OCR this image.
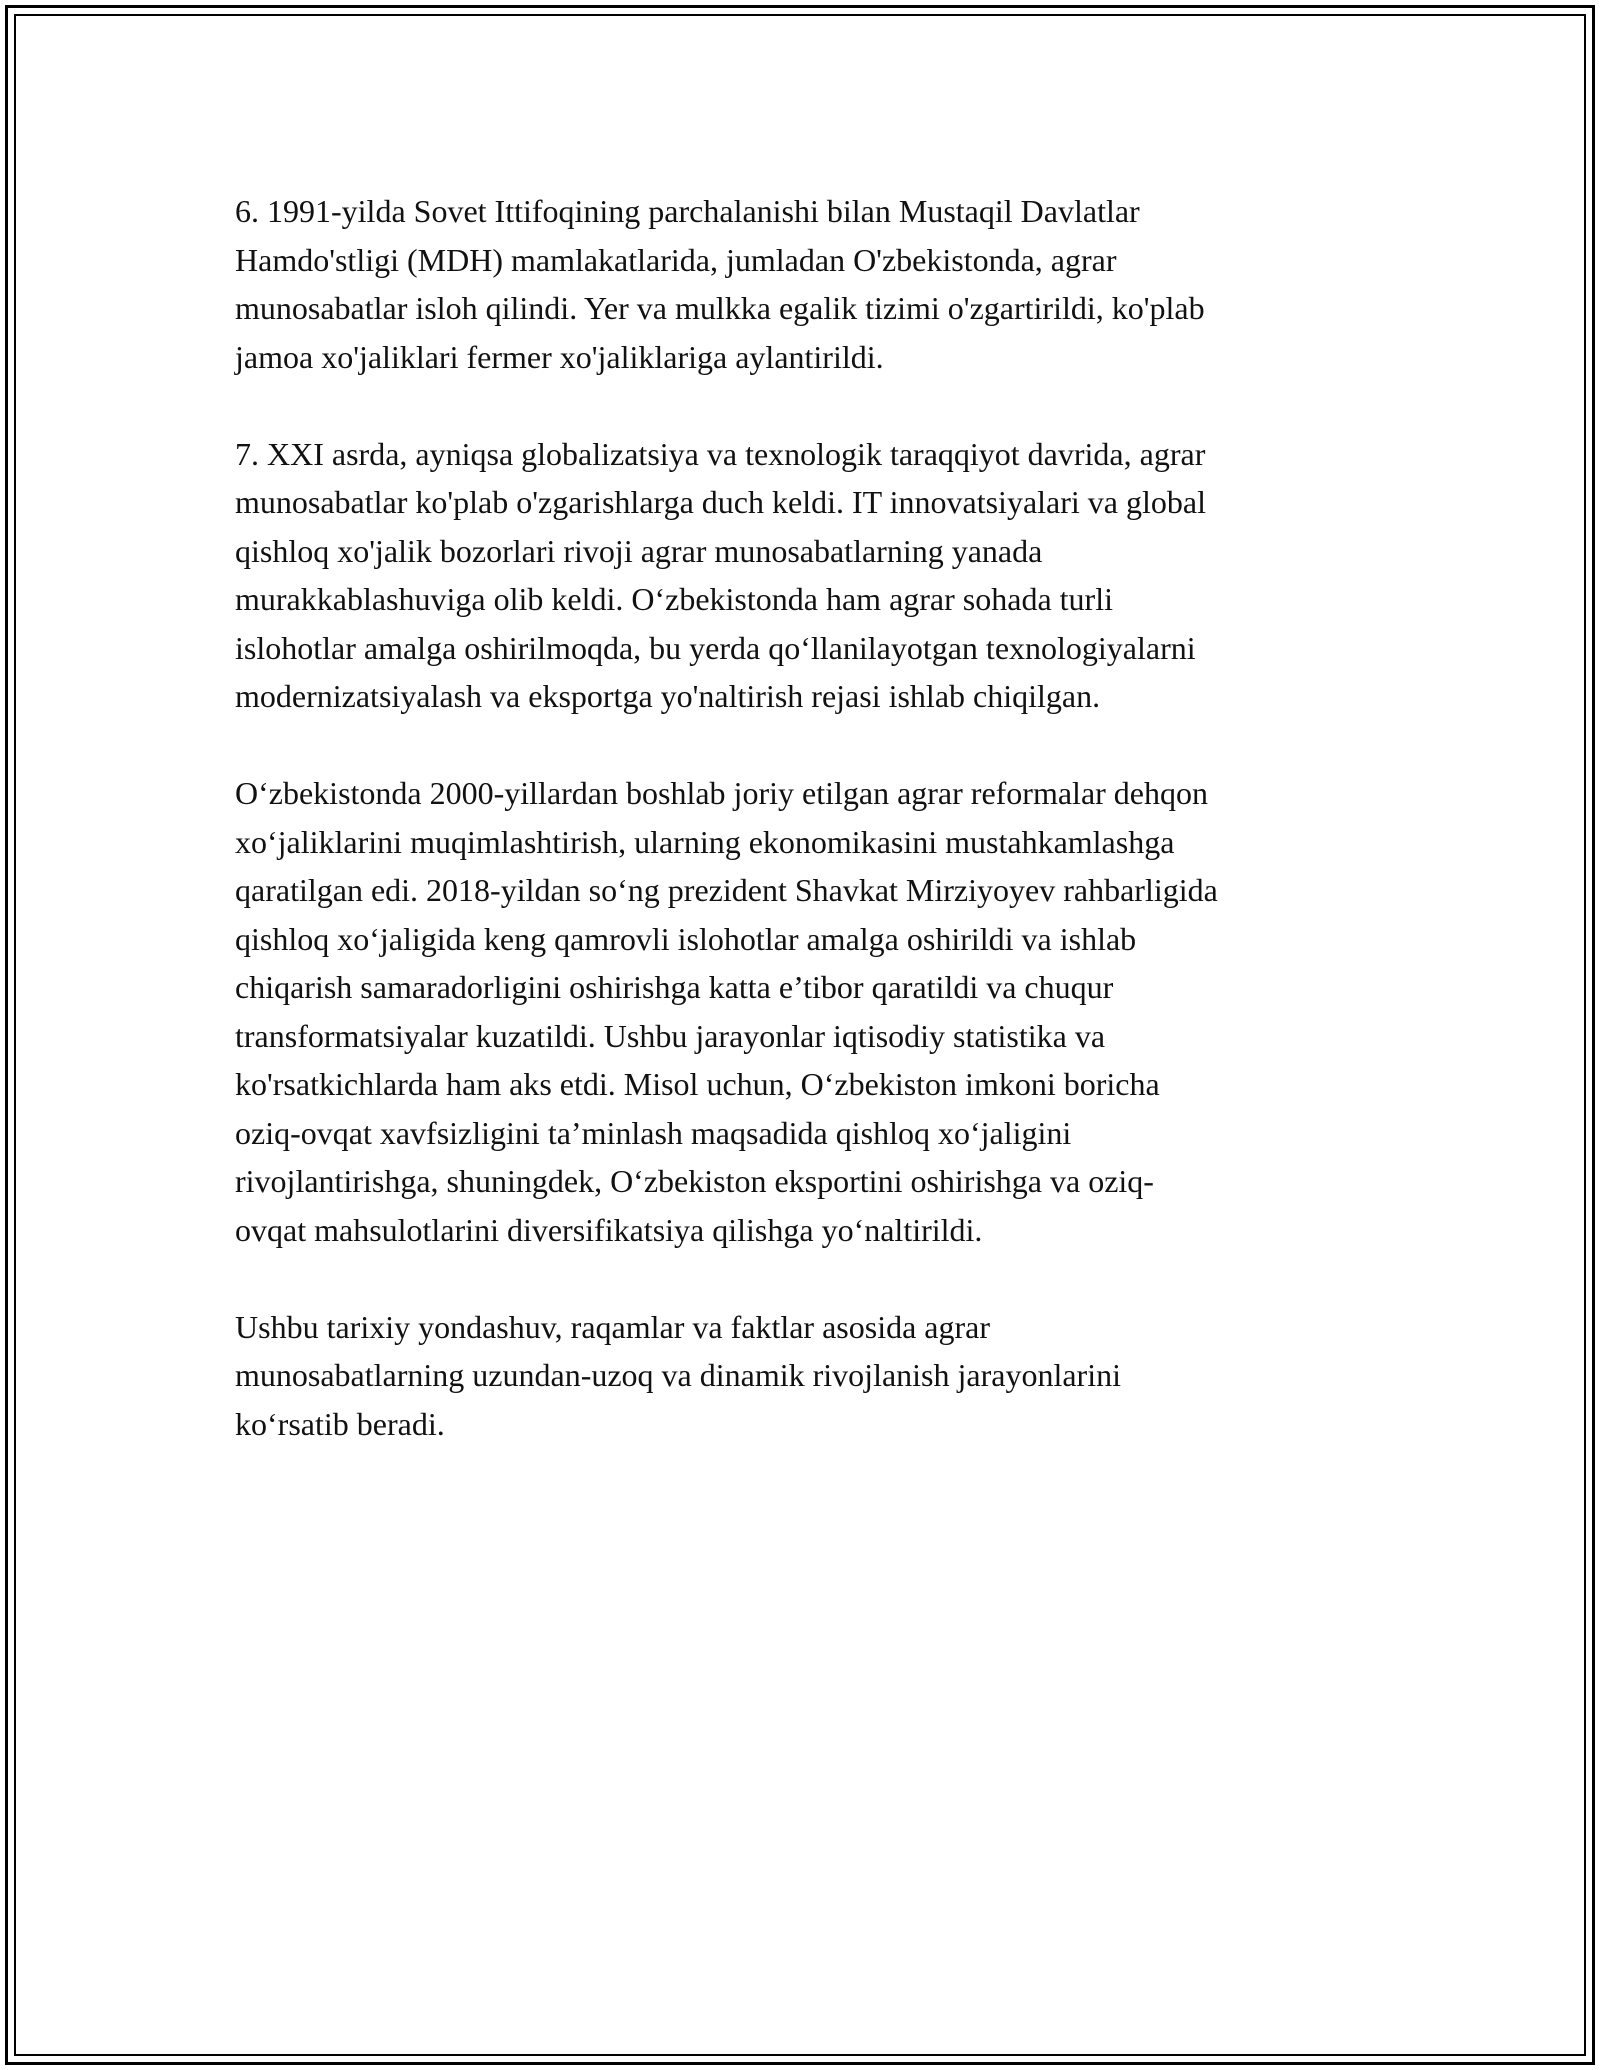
6. 1991-yilda Sovet Ittifoqining parchalanishi bilan Mustaqil Davlatlar
Hamdo'stligi (MDH) mamlakatlarida, jumladan O'zbekistonda, agrar
munosabatlar isloh qilindi. Yer va mulkka egalik tizimi o'zgartirildi, ko'plab
jamoa xo'jaliklari fermer xo'jaliklariga aylantirildi.

7. XXI asrda, ayniqsa globalizatsiya va texnologik taraqqiyot davrida, agrar
munosabatlar ko'plab o'zgarishlarga duch keldi. IT innovatsiyalari va global
qishloq xo'jalik bozorlari rivoji agrar munosabatlarning yanada
murakkablashuviga olib keldi. O‘zbekistonda ham agrar sohada turli
islohotlar amalga oshirilmoqda, bu yerda qo‘llanilayotgan texnologiyalarni
modernizatsiyalash va eksportga yo'naltirish rejasi ishlab chiqilgan.

O‘zbekistonda 2000-yillardan boshlab joriy etilgan agrar reformalar dehqon
xo‘jaliklarini muqimlashtirish, ularning ekonomikasini mustahkamlashga
qaratilgan edi. 2018-yildan so‘ng prezident Shavkat Mirziyoyev rahbarligida
qishloq xo‘jaligida keng qamrovli islohotlar amalga oshirildi va ishlab
chiqarish samaradorligini oshirishga katta e’tibor qaratildi va chuqur
transformatsiyalar kuzatildi. Ushbu jarayonlar iqtisodiy statistika va
ko'rsatkichlarda ham aks etdi. Misol uchun, O‘zbekiston imkoni boricha
oziq-ovqat xavfsizligini ta’minlash maqsadida qishloq xo‘jaligini
rivojlantirishga, shuningdek, O‘zbekiston eksportini oshirishga va oziq-
ovqat mahsulotlarini diversifikatsiya qilishga yo‘naltirildi.

Ushbu tarixiy yondashuv, raqamlar va faktlar asosida agrar
munosabatlarning uzundan-uzoq va dinamik rivojlanish jarayonlarini
ko‘rsatib beradi.
